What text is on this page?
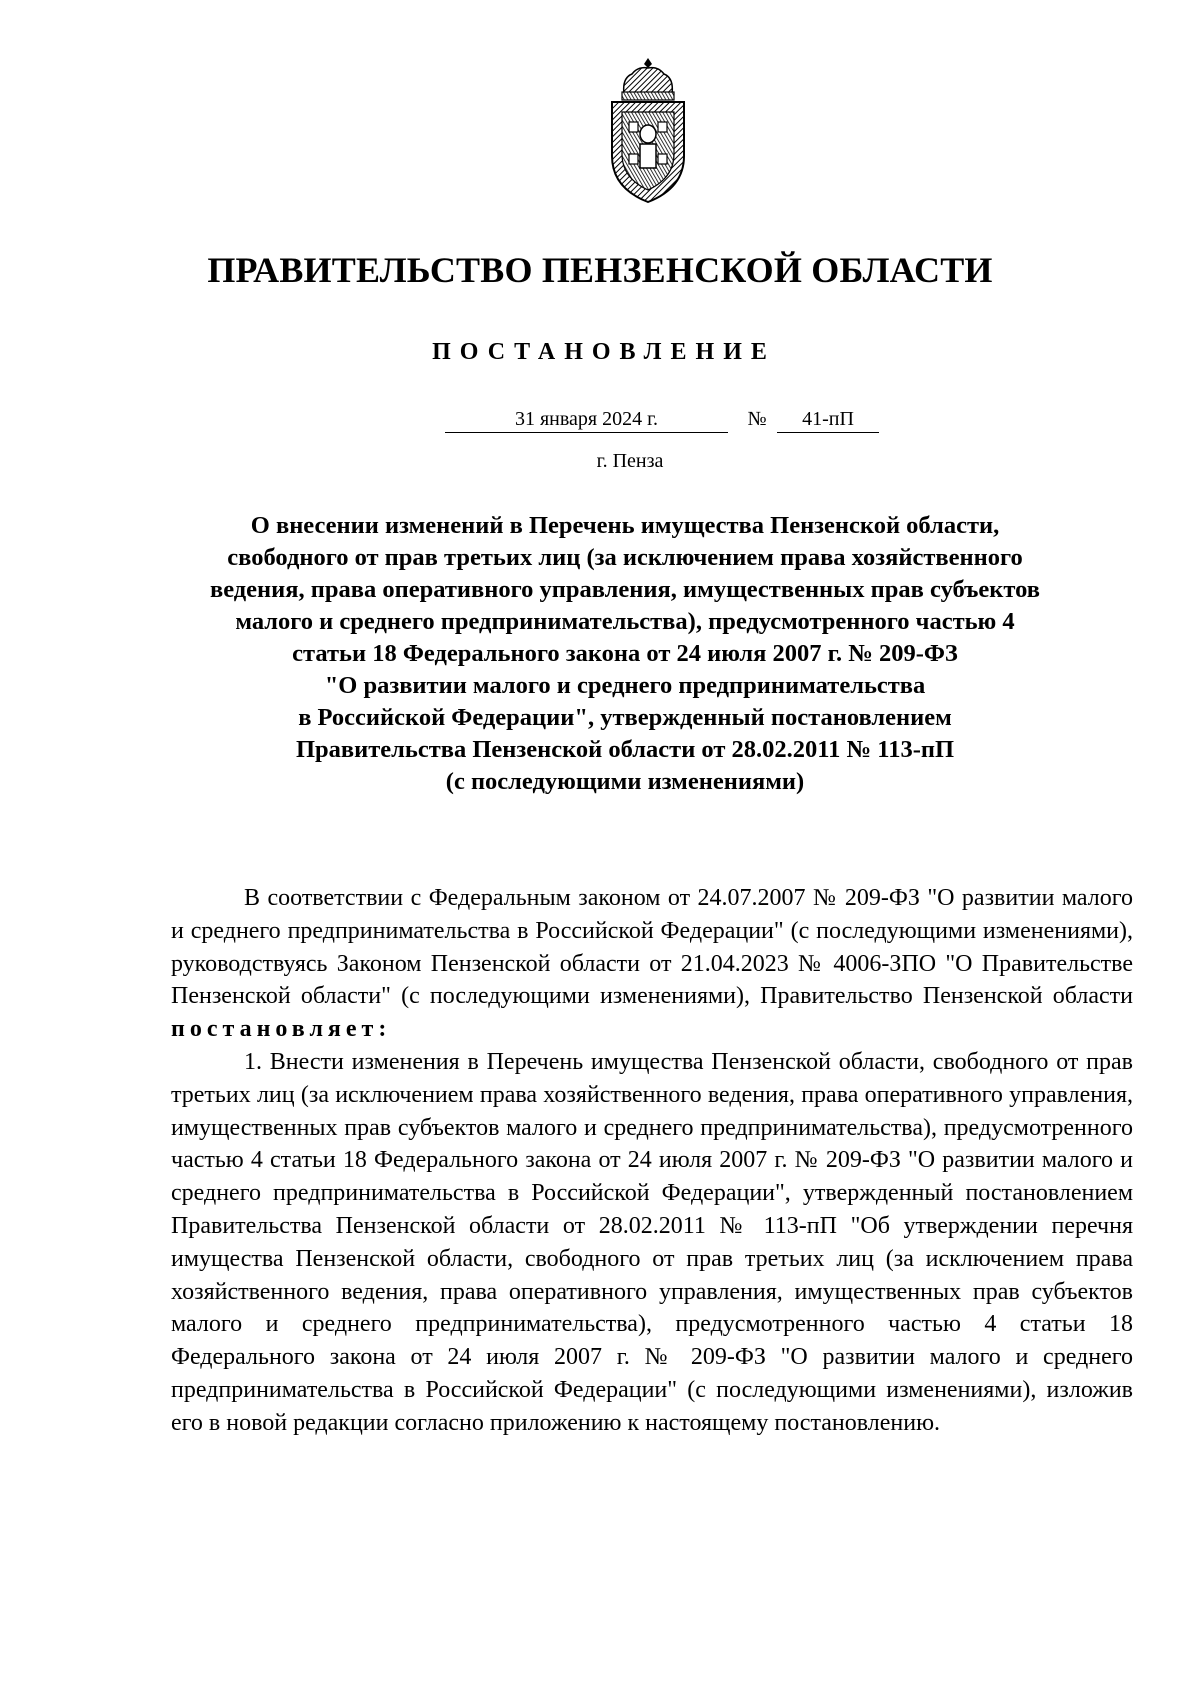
ПРАВИТЕЛЬСТВО ПЕНЗЕНСКОЙ ОБЛАСТИ
ПОСТАНОВЛЕНИЕ
31 января 2024 г.	№	41-пП
г. Пенза
О внесении изменений в Перечень имущества Пензенской области,
свободного от прав третьих лиц (за исключением права хозяйственного
ведения, права оперативного управления, имущественных прав субъектов
малого и среднего предпринимательства), предусмотренного частью 4
статьи 18 Федерального закона от 24 июля 2007 г. № 209-ФЗ
"О развитии малого и среднего предпринимательства
в Российской Федерации", утвержденный постановлением
Правительства Пензенской области от 28.02.2011 № 113-пП
(с последующими изменениями)

В соответствии с Федеральным законом от 24.07.2007 № 209-ФЗ "О развитии малого и среднего предпринимательства в Российской Федерации" (с последующими изменениями), руководствуясь Законом Пензенской области от 21.04.2023 № 4006-ЗПО "О Правительстве Пензенской области" (с последующими изменениями), Правительство Пензенской области постановляет:

1. Внести изменения в Перечень имущества Пензенской области, свободного от прав третьих лиц (за исключением права хозяйственного ведения, права оперативного управления, имущественных прав субъектов малого и среднего предпринимательства), предусмотренного частью 4 статьи 18 Федерального закона от 24 июля 2007 г. № 209-ФЗ "О развитии малого и среднего предпринимательства в Российской Федерации", утвержденный постановлением Правительства Пензенской области от 28.02.2011 № 113-пП "Об утверждении перечня имущества Пензенской области, свободного от прав третьих лиц (за исключением права хозяйственного ведения, права оперативного управления, имущественных прав субъектов малого и среднего предпринимательства), предусмотренного частью 4 статьи 18 Федерального закона от 24 июля 2007 г. № 209-ФЗ "О развитии малого и среднего предпринимательства в Российской Федерации" (с последующими изменениями), изложив его в новой редакции согласно приложению к настоящему постановлению.
